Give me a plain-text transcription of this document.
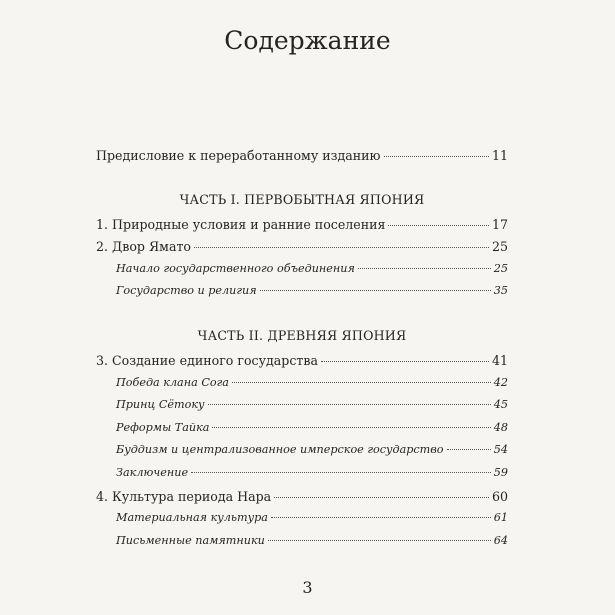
Содержание
Предисловие к переработанному изданию	11
ЧАСТЬ I. ПЕРВОБЫТНАЯ ЯПОНИЯ
1. Природные условия и ранние поселения	17
2. Двор Ямато	25
Начало государственного объединения	25
Государство и религия	35
ЧАСТЬ II. ДРЕВНЯЯ ЯПОНИЯ
3. Создание единого государства	41
Победа клана Сога	42
Принц Сётоку	45
Реформы Тайка	48
Буддизм и централизованное имперское государство	54
Заключение	59
4. Культура периода Нара	60
Материальная культура	61
Письменные памятники	64
3
